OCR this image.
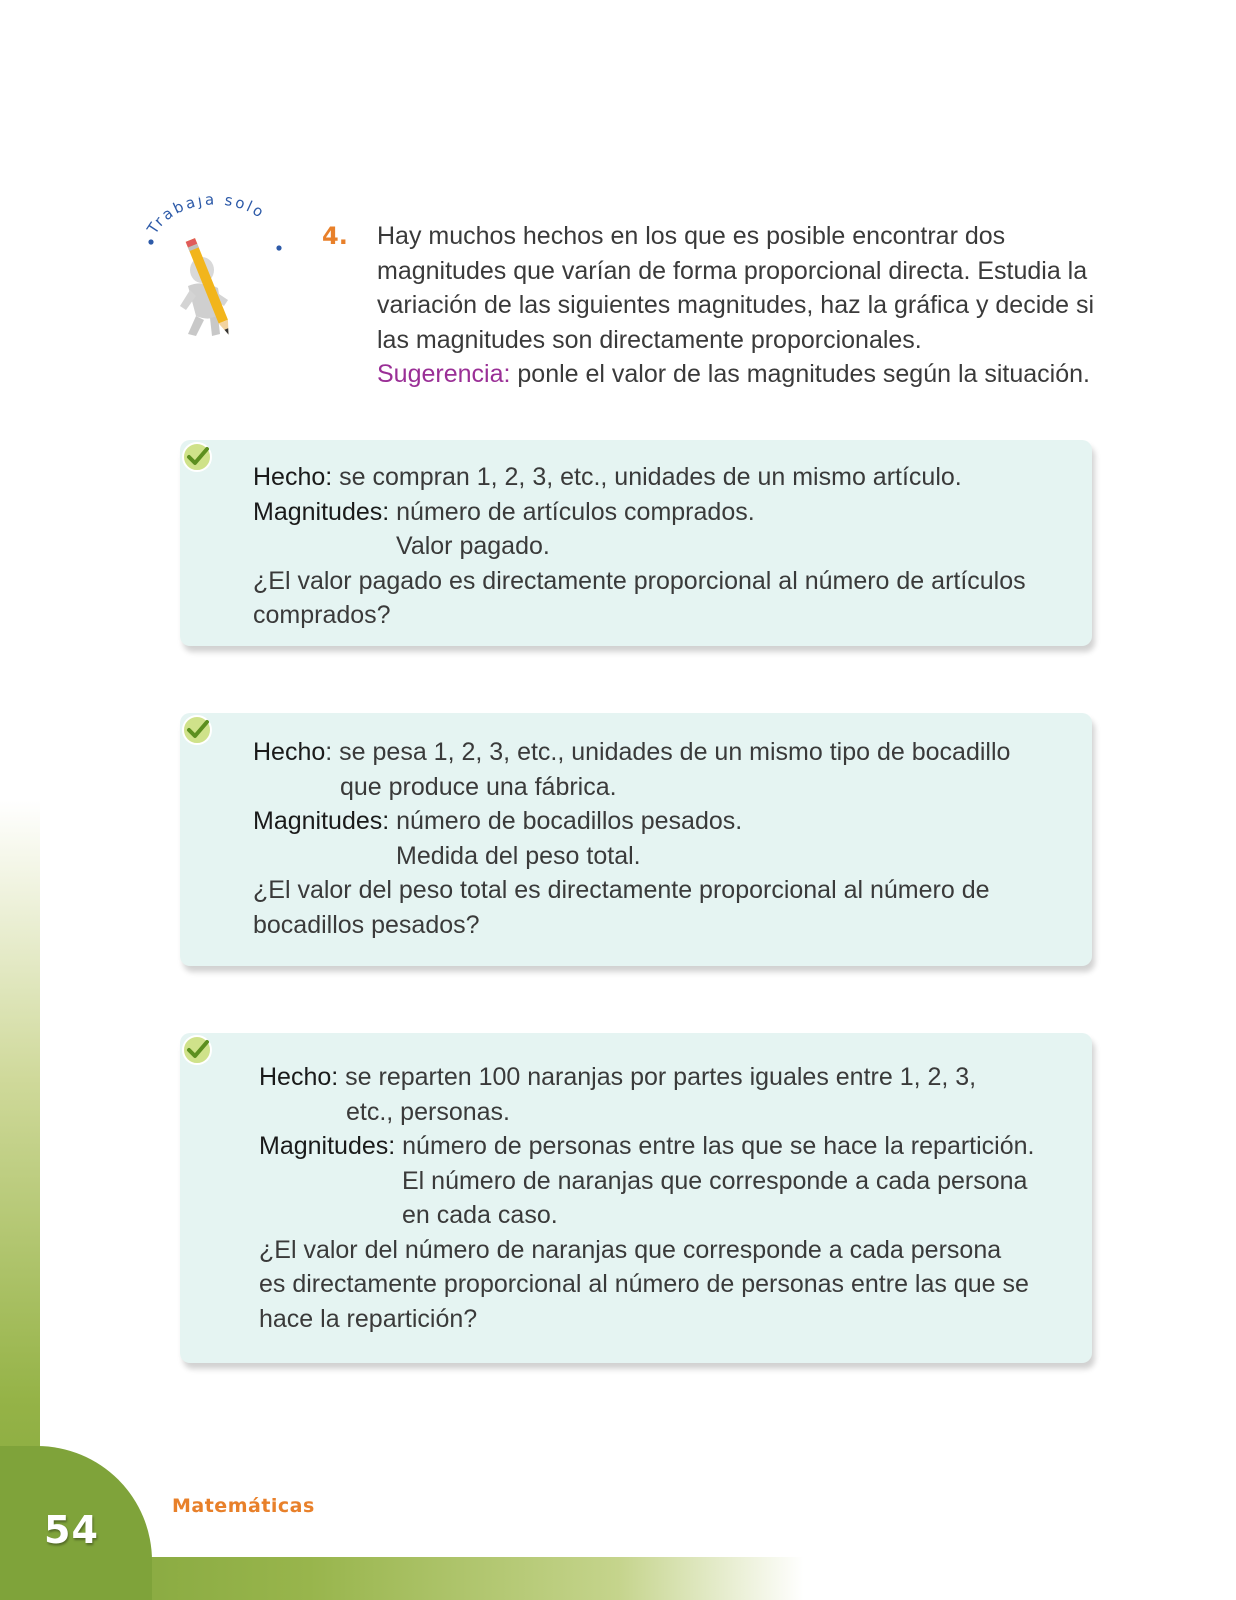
54
Matemáticas
Trabaja solo
4. Hay muchos hechos en los que es posible encontrar dos

magnitudes que varían de forma proporcional directa. Estudia la

variación de las siguientes magnitudes, haz la gráfica y decide si

las magnitudes son directamente proporcionales.

Sugerencia: ponle el valor de las magnitudes según la situación.

Hecho: se compran 1, 2, 3, etc., unidades de un mismo artículo.
Magnitudes: número de artículos comprados.
Valor pagado.
¿El valor pagado es directamente proporcional al número de artículos
comprados?
Hecho: se pesa 1, 2, 3, etc., unidades de un mismo tipo de bocadillo
que produce una fábrica.
Magnitudes: número de bocadillos pesados.
Medida del peso total.
¿El valor del peso total es directamente proporcional al número de
bocadillos pesados?
Hecho: se reparten 100 naranjas por partes iguales entre 1, 2, 3,
etc., personas.
Magnitudes: número de personas entre las que se hace la repartición.
El número de naranjas que corresponde a cada persona
en cada caso.
¿El valor del número de naranjas que corresponde a cada persona
es directamente proporcional al número de personas entre las que se
hace la repartición?
